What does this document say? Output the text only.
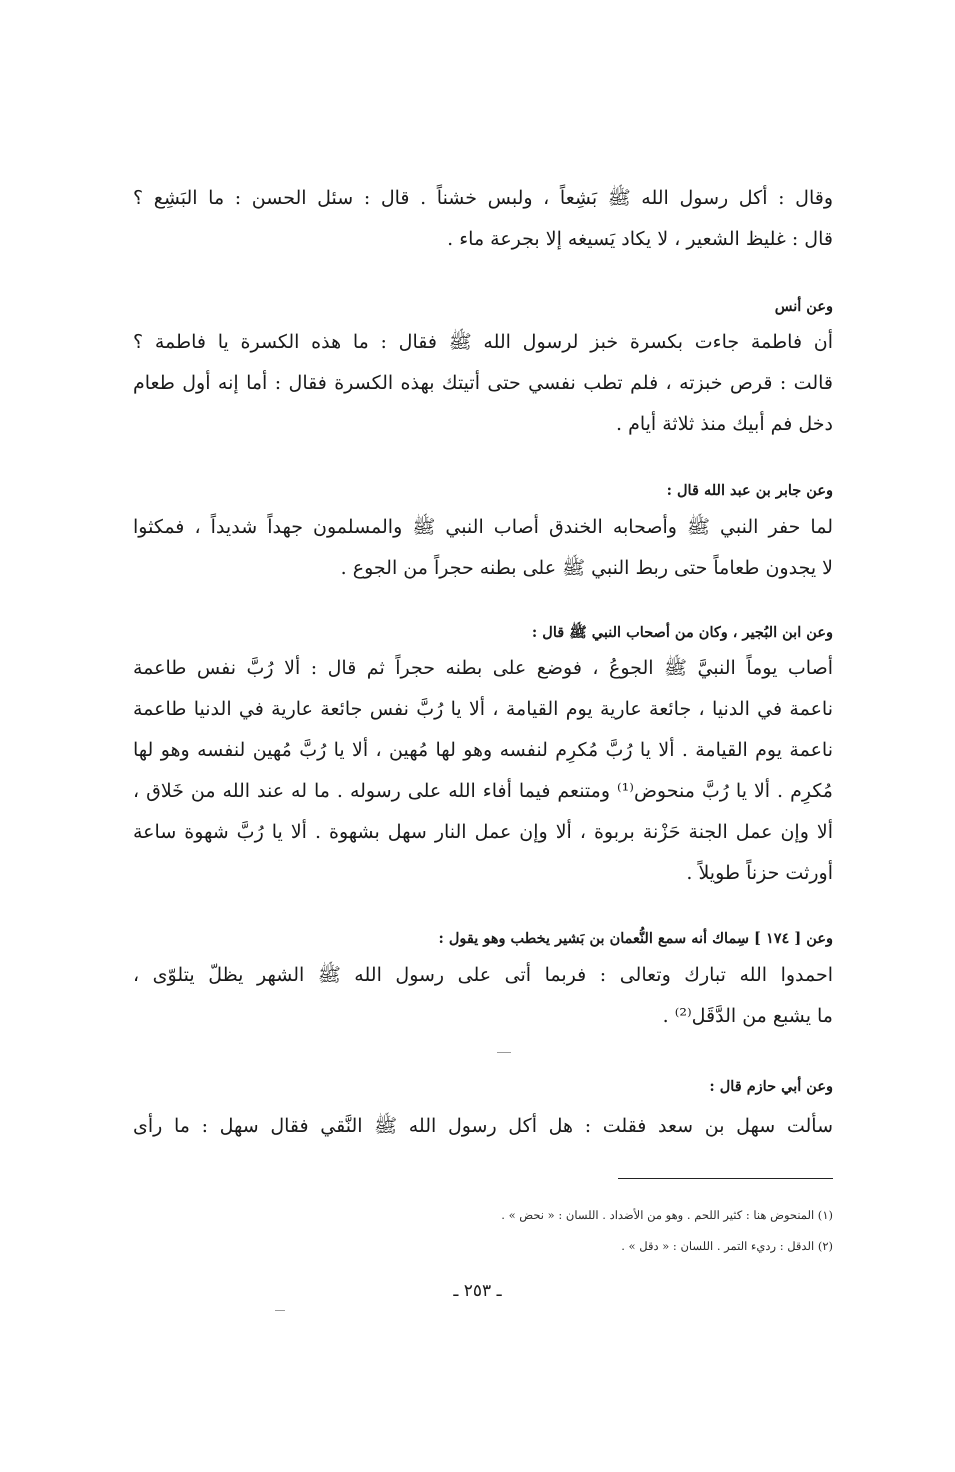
وقال : أكل رسول الله ﷺ بَشِعاً ، ولبس خشناً . قال : سئل الحسن : ما البَشِع ؟
قال : غليظ الشعير ، لا يكاد يَسيغه إلا بجرعة ماء .
وعن أنس
أن فاطمة جاءت بكسرة خبز لرسول الله ﷺ فقال : ما هذه الكسرة يا فاطمة ؟
قالت : قرص خبزته ، فلم تطب نفسي حتى أتيتك بهذه الكسرة فقال : أما إنه أول طعام
دخل فم أبيك منذ ثلاثة أيام .
وعن جابر بن عبد الله قال :
لما حفر النبي ﷺ وأصحابه الخندق أصاب النبي ﷺ والمسلمون جهداً شديداً ، فمكثوا
لا يجدون طعاماً حتى ربط النبي ﷺ على بطنه حجراً من الجوع .
وعن ابن البُجير ، وكان من أصحاب النبي ﷺ قال :
أصاب يوماً النبيَّ ﷺ الجوعُ ، فوضع على بطنه حجراً ثم قال : ألا رُبَّ نفس طاعمة
ناعمة في الدنيا ، جائعة عارية يوم القيامة ، ألا يا رُبَّ نفس جائعة عارية في الدنيا طاعمة
ناعمة يوم القيامة . ألا يا رُبَّ مُكرِم لنفسه وهو لها مُهين ، ألا يا رُبَّ مُهين لنفسه وهو لها
مُكرِم . ألا يا رُبَّ منحوض⁽¹⁾ ومتنعم فيما أفاء الله على رسوله . ما له عند الله من خَلاق ،
ألا وإن عمل الجنة حَزْنة بربوة ، ألا وإن عمل النار سهل بشهوة . ألا يا رُبَّ شهوة ساعة
أورثت حزناً طويلاً .
وعن [ ١٧٤ ] سِماك أنه سمع النُّعمان بن بَشير يخطب وهو يقول :
احمدوا الله تبارك وتعالى : فربما أتى على رسول الله ﷺ الشهر يظلّ يتلوّى ،
ما يشبع من الدَّقَل⁽²⁾ .
وعن أبي حازم قال :
سألت سهل بن سعد فقلت : هل أكل رسول الله ﷺ النَّقي فقال سهل : ما رأى
(١) المنحوض هنا : كثير اللحم . وهو من الأضداد . اللسان : « نحض » .
(٢) الدقل : رديء التمر . اللسان : « دقل » .
ـ ٢٥٣ ـ
